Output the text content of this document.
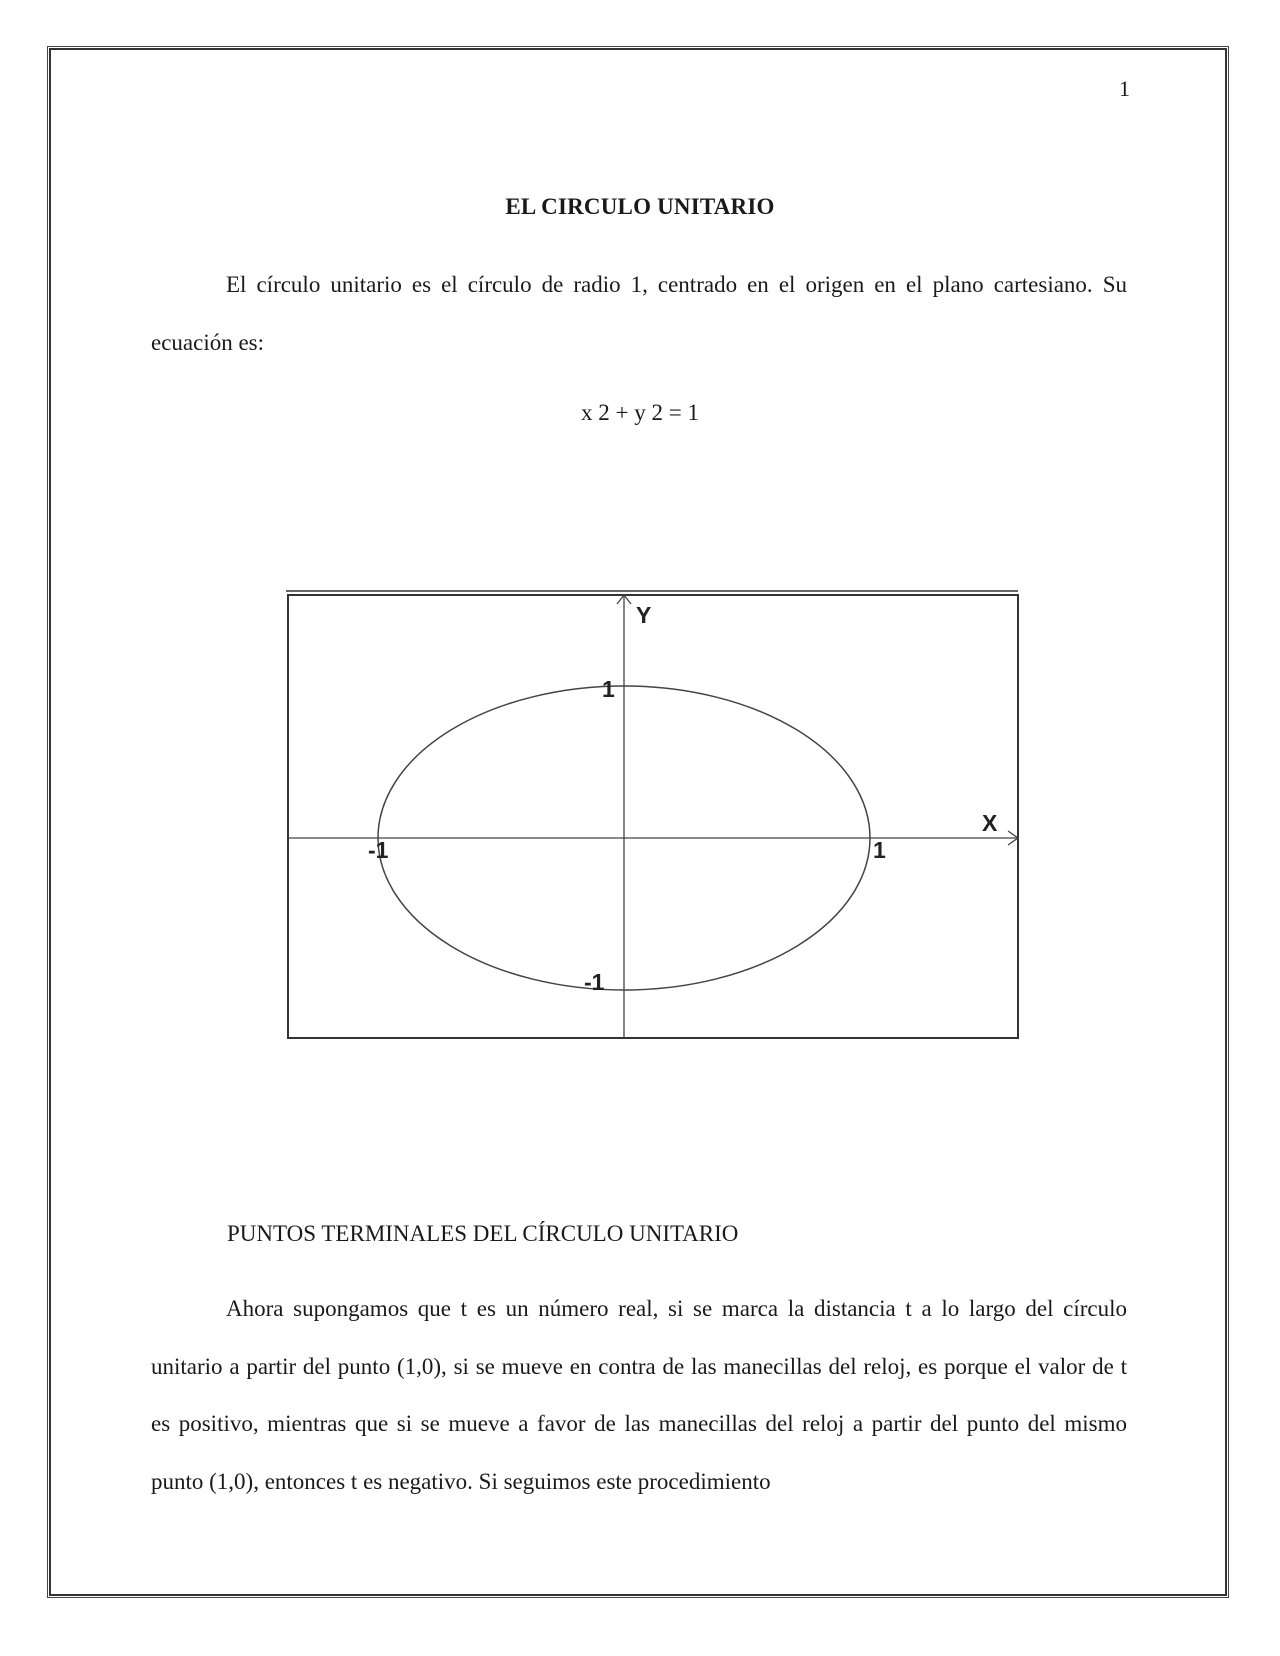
1
EL CIRCULO UNITARIO

El círculo unitario es el círculo de radio 1, centrado en el origen en el plano cartesiano. Su ecuación es:

x 2 + y 2 = 1
Y
X
1
-1	1
-1
PUNTOS TERMINALES DEL CÍRCULO UNITARIO

Ahora supongamos que t es un número real, si se marca la distancia t a lo largo del círculo unitario a partir del punto (1,0), si se mueve en contra de las manecillas del reloj, es porque el valor de t es positivo, mientras que si se mueve a favor de las manecillas del reloj a partir del punto del mismo punto (1,0), entonces t es negativo. Si seguimos este procedimiento
